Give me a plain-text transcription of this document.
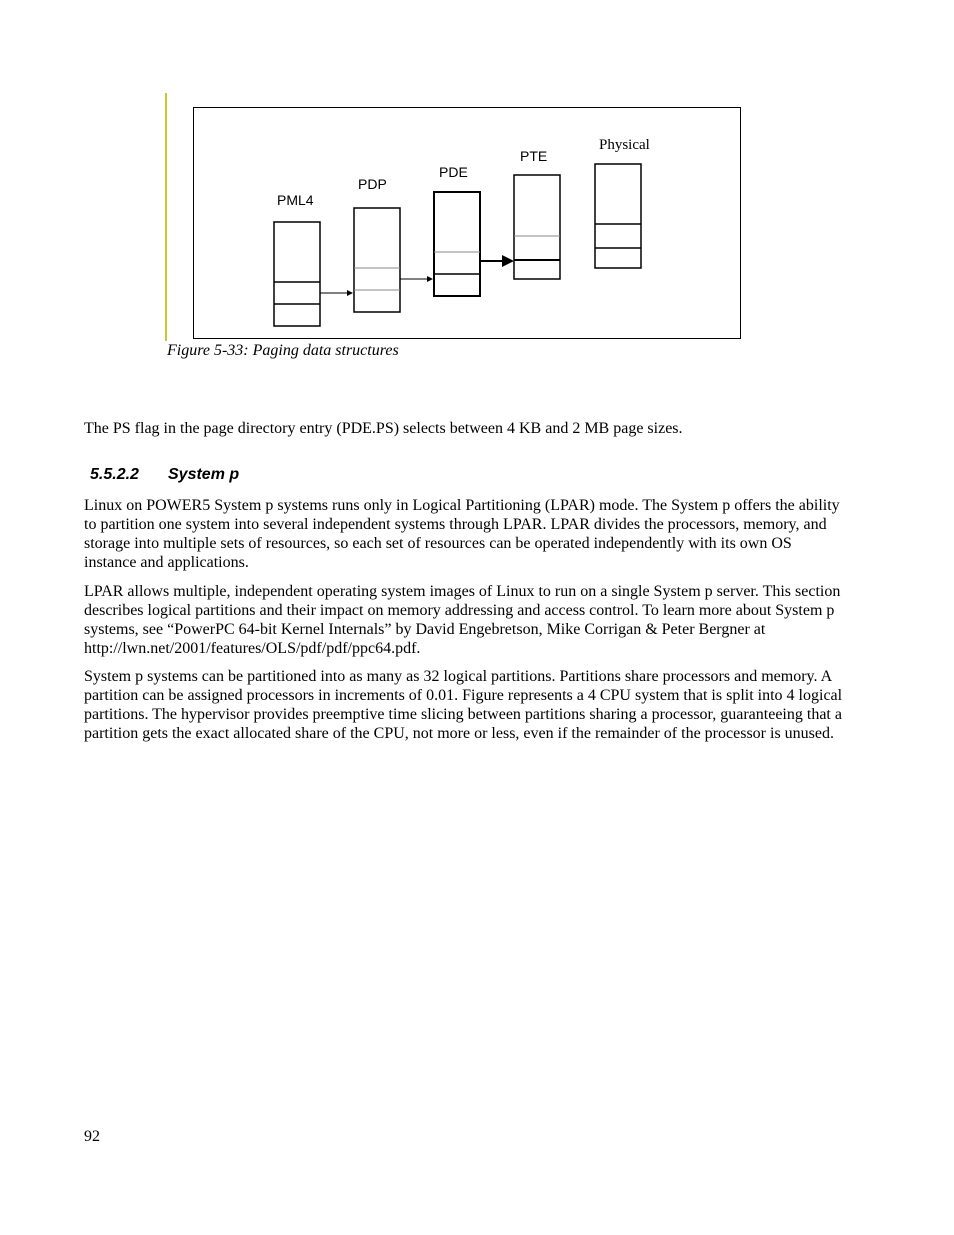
PML4
PDP
PDE
PTE
Physical
Figure 5-33: Paging data structures

The PS flag in the page directory entry (PDE.PS) selects between 4 KB and 2 MB page sizes.

5.5.2.2 System p

Linux on POWER5 System p systems runs only in Logical Partitioning (LPAR) mode. The System p offers the ability to partition one system into several independent systems through LPAR. LPAR divides the processors, memory, and storage into multiple sets of resources, so each set of resources can be operated independently with its own OS instance and applications.

LPAR allows multiple, independent operating system images of Linux to run on a single System p server. This section describes logical partitions and their impact on memory addressing and access control. To learn more about System p systems, see “PowerPC 64-bit Kernel Internals” by David Engebretson, Mike Corrigan & Peter Bergner at http://lwn.net/2001/features/OLS/pdf/pdf/ppc64.pdf.

System p systems can be partitioned into as many as 32 logical partitions. Partitions share processors and memory. A partition can be assigned processors in increments of 0.01. Figure represents a 4 CPU system that is split into 4 logical partitions. The hypervisor provides preemptive time slicing between partitions sharing a processor, guaranteeing that a partition gets the exact allocated share of the CPU, not more or less, even if the remainder of the processor is unused.

92
